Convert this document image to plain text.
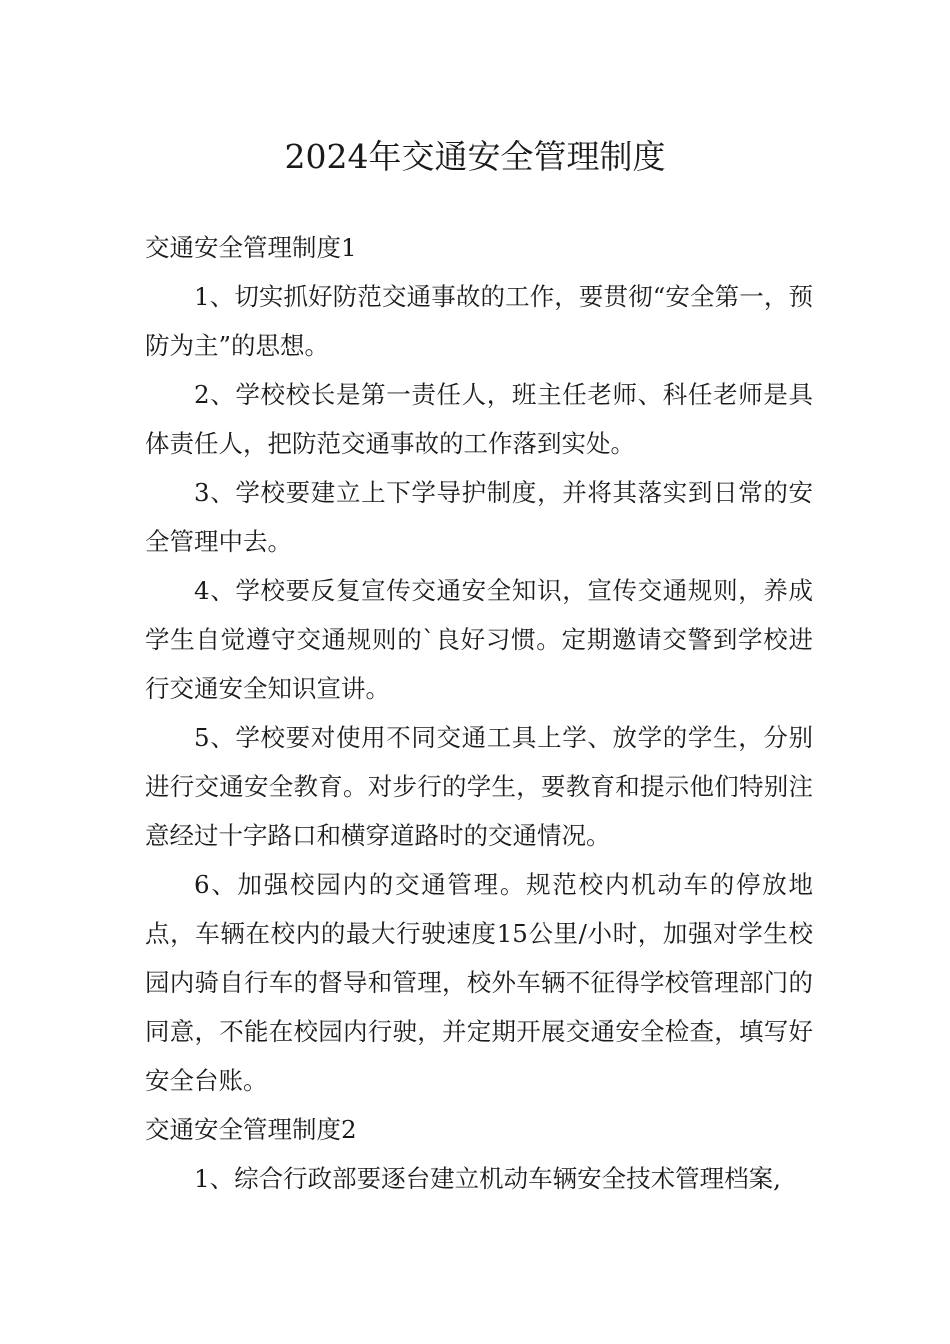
2024年交通安全管理制度
交通安全管理制度1

1、切实抓好防范交通事故的工作，要贯彻“安全第一，预防为主”的思想。

2、学校校长是第一责任人，班主任老师、科任老师是具体责任人，把防范交通事故的工作落到实处。

3、学校要建立上下学导护制度，并将其落实到日常的安全管理中去。

4、学校要反复宣传交通安全知识，宣传交通规则，养成学生自觉遵守交通规则的`良好习惯。定期邀请交警到学校进行交通安全知识宣讲。

5、学校要对使用不同交通工具上学、放学的学生，分别进行交通安全教育。对步行的学生，要教育和提示他们特别注意经过十字路口和横穿道路时的交通情况。

6、加强校园内的交通管理。规范校内机动车的停放地点，车辆在校内的最大行驶速度15公里/小时，加强对学生校园内骑自行车的督导和管理，校外车辆不征得学校管理部门的同意，不能在校园内行驶，并定期开展交通安全检查，填写好安全台账。

交通安全管理制度2

1、综合行政部要逐台建立机动车辆安全技术管理档案,
